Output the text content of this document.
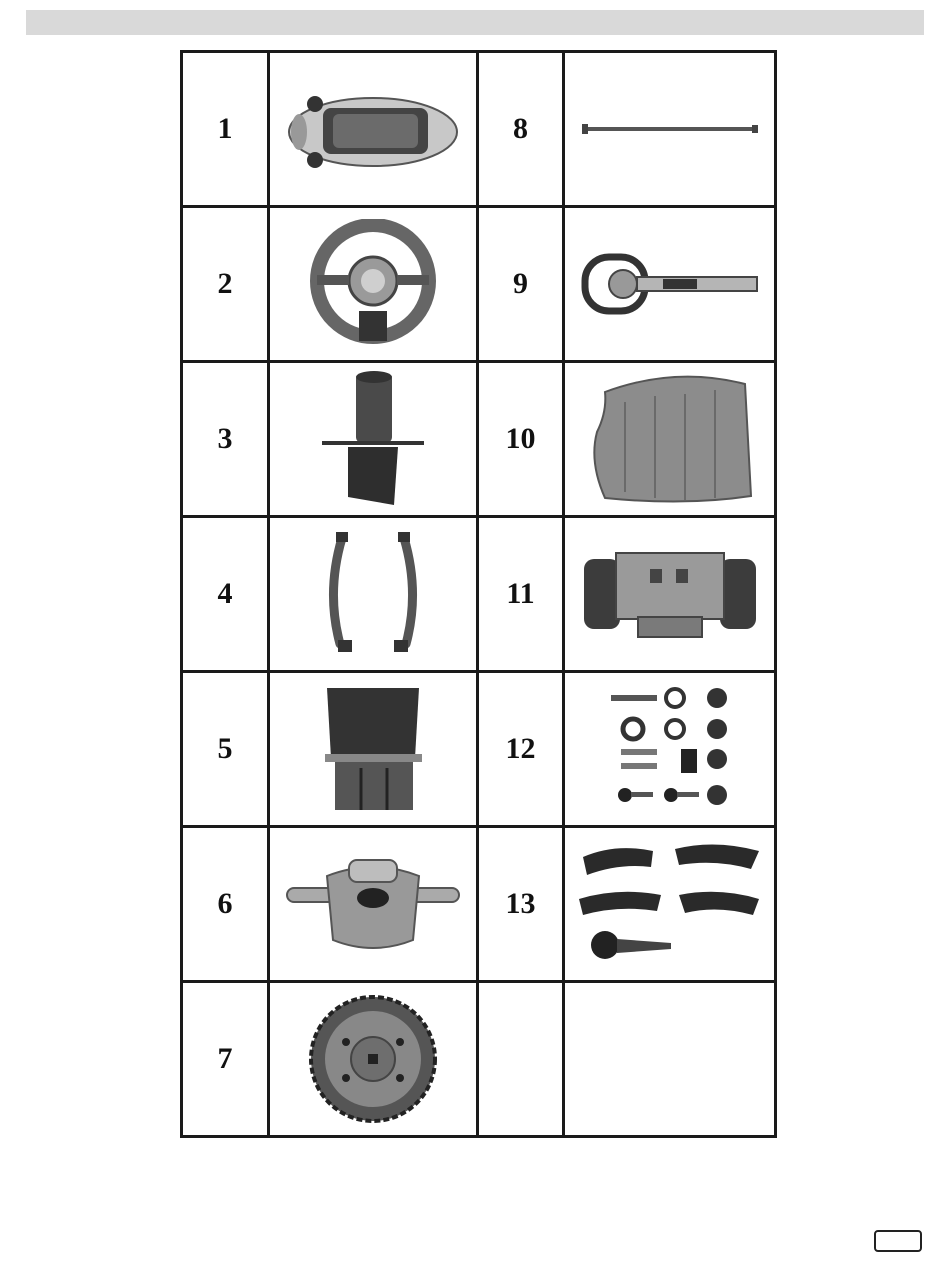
1		8	

2		9	

3		10	

4		11	

5		12	

6		13	

7	
